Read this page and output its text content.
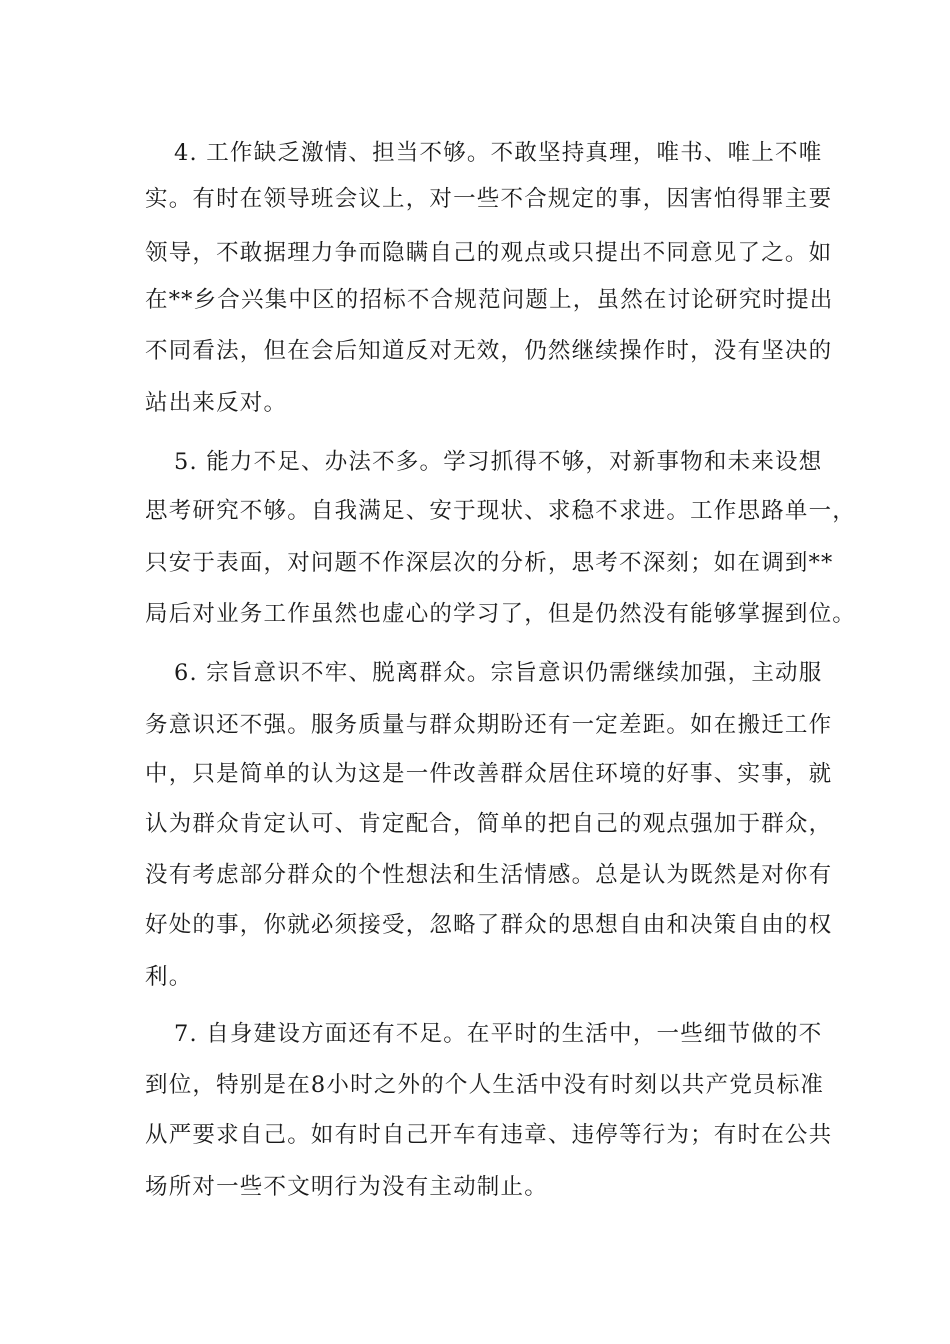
4. 工作缺乏激情、担当不够。不敢坚持真理，唯书、唯上不唯
实。有时在领导班会议上，对一些不合规定的事，因害怕得罪主要
领导，不敢据理力争而隐瞒自己的观点或只提出不同意见了之。如
在**乡合兴集中区的招标不合规范问题上，虽然在讨论研究时提出
不同看法，但在会后知道反对无效，仍然继续操作时，没有坚决的
站出来反对。
5. 能力不足、办法不多。学习抓得不够，对新事物和未来设想
思考研究不够。自我满足、安于现状、求稳不求进。工作思路单一，
只安于表面，对问题不作深层次的分析，思考不深刻；如在调到**
局后对业务工作虽然也虚心的学习了，但是仍然没有能够掌握到位。
6. 宗旨意识不牢、脱离群众。宗旨意识仍需继续加强，主动服
务意识还不强。服务质量与群众期盼还有一定差距。如在搬迁工作
中，只是简单的认为这是一件改善群众居住环境的好事、实事，就
认为群众肯定认可、肯定配合，简单的把自己的观点强加于群众，
没有考虑部分群众的个性想法和生活情感。总是认为既然是对你有
好处的事，你就必须接受，忽略了群众的思想自由和决策自由的权
利。
7. 自身建设方面还有不足。在平时的生活中，一些细节做的不
到位，特别是在8小时之外的个人生活中没有时刻以共产党员标准
从严要求自己。如有时自己开车有违章、违停等行为；有时在公共
场所对一些不文明行为没有主动制止。
